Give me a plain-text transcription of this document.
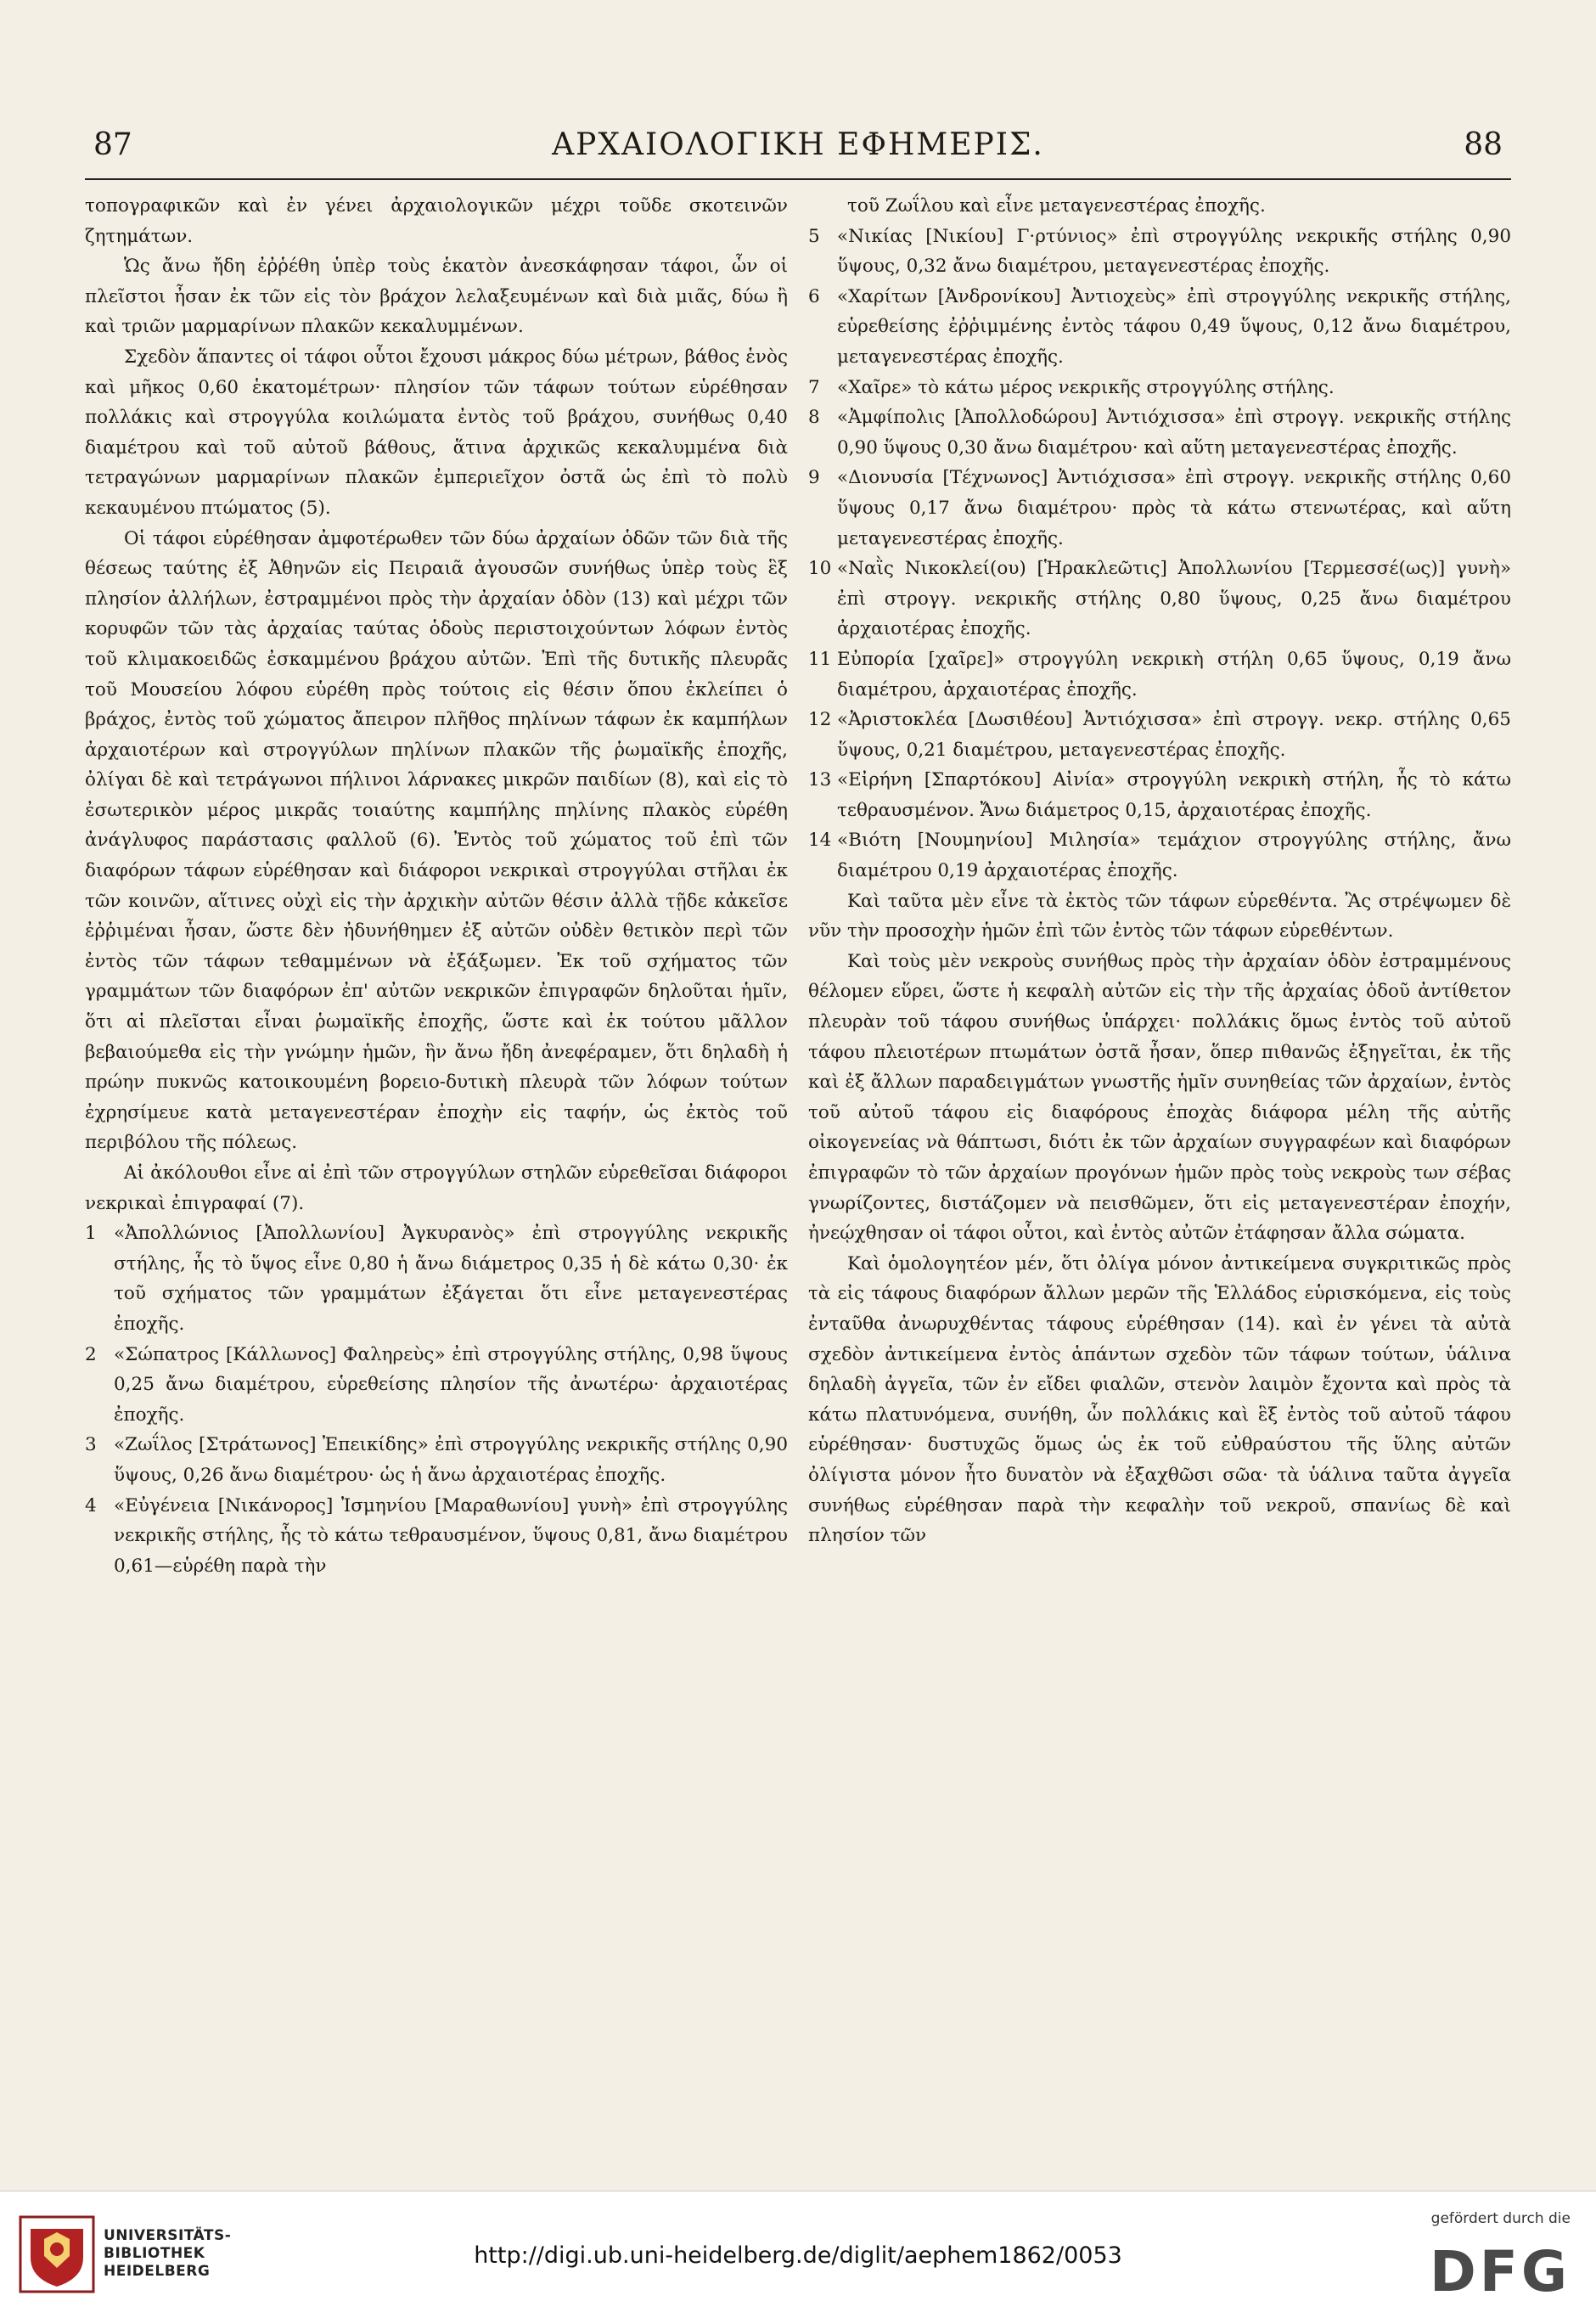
87	ΑΡΧΑΙΟΛΟΓΙΚΗ ΕΦΗΜΕΡΙΣ.	88

τοπογραφικῶν καὶ ἐν γένει ἀρχαιολογικῶν μέχρι τοῦδε σκοτεινῶν ζητημάτων.

Ὡς ἄνω ἤδη ἐῤῥέθη ὑπὲρ τοὺς ἑκατὸν ἀνεσκάφησαν τάφοι, ὧν οἱ πλεῖστοι ἦσαν ἐκ τῶν εἰς τὸν βράχον λελαξευμένων καὶ διὰ μιᾶς, δύω ἢ καὶ τριῶν μαρμαρίνων πλακῶν κεκαλυμμένων.

Σχεδὸν ἅπαντες οἱ τάφοι οὗτοι ἔχουσι μάκρος δύω μέτρων, βάθος ἑνὸς καὶ μῆκος 0,60 ἑκατομέτρων· πλησίον τῶν τάφων τούτων εὑρέθησαν πολλάκις καὶ στρογγύλα κοιλώματα ἐντὸς τοῦ βράχου, συνήθως 0,40 διαμέτρου καὶ τοῦ αὐτοῦ βάθους, ἅτινα ἀρχικῶς κεκαλυμμένα διὰ τετραγώνων μαρμαρίνων πλακῶν ἐμπεριεῖχον ὀστᾶ ὡς ἐπὶ τὸ πολὺ κεκαυμένου πτώματος (5).

Οἱ τάφοι εὑρέθησαν ἀμφοτέρωθεν τῶν δύω ἀρχαίων ὁδῶν τῶν διὰ τῆς θέσεως ταύτης ἐξ Ἀθηνῶν εἰς Πειραιᾶ ἀγουσῶν συνήθως ὑπὲρ τοὺς ἓξ πλησίον ἀλλήλων, ἐστραμμένοι πρὸς τὴν ἀρχαίαν ὁδὸν (13) καὶ μέχρι τῶν κορυφῶν τῶν τὰς ἀρχαίας ταύτας ὁδοὺς περιστοιχούντων λόφων ἐντὸς τοῦ κλιμακοειδῶς ἐσκαμμένου βράχου αὐτῶν. Ἐπὶ τῆς δυτικῆς πλευρᾶς τοῦ Μουσείου λόφου εὑρέθη πρὸς τούτοις εἰς θέσιν ὅπου ἐκλείπει ὁ βράχος, ἐντὸς τοῦ χώματος ἄπειρον πλῆθος πηλίνων τάφων ἐκ καμπήλων ἀρχαιοτέρων καὶ στρογγύλων πηλίνων πλακῶν τῆς ῥωμαϊκῆς ἐποχῆς, ὀλίγαι δὲ καὶ τετράγωνοι πήλινοι λάρνακες μικρῶν παιδίων (8), καὶ εἰς τὸ ἐσωτερικὸν μέρος μικρᾶς τοιαύτης καμπήλης πηλίνης πλακὸς εὑρέθη ἀνάγλυφος παράστασις φαλλοῦ (6). Ἐντὸς τοῦ χώματος τοῦ ἐπὶ τῶν διαφόρων τάφων εὑρέθησαν καὶ διάφοροι νεκρικαὶ στρογγύλαι στῆλαι ἐκ τῶν κοινῶν, αἵτινες οὐχὶ εἰς τὴν ἀρχικὴν αὐτῶν θέσιν ἀλλὰ τῇδε κἀκεῖσε ἐῤῥιμέναι ἦσαν, ὥστε δὲν ἠδυνήθημεν ἐξ αὐτῶν οὐδὲν θετικὸν περὶ τῶν ἐντὸς τῶν τάφων τεθαμμένων νὰ ἐξάξωμεν. Ἐκ τοῦ σχήματος τῶν γραμμάτων τῶν διαφόρων ἐπ' αὐτῶν νεκρικῶν ἐπιγραφῶν δηλοῦται ἡμῖν, ὅτι αἱ πλεῖσται εἶναι ῥωμαϊκῆς ἐποχῆς, ὥστε καὶ ἐκ τούτου μᾶλλον βεβαιούμεθα εἰς τὴν γνώμην ἡμῶν, ἣν ἄνω ἤδη ἀνεφέραμεν, ὅτι δηλαδὴ ἡ πρώην πυκνῶς κατοικουμένη βορειο-δυτικὴ πλευρὰ τῶν λόφων τούτων ἐχρησίμευε κατὰ μεταγενεστέραν ἐποχὴν εἰς ταφήν, ὡς ἐκτὸς τοῦ περιβόλου τῆς πόλεως.

Αἱ ἀκόλουθοι εἶνε αἱ ἐπὶ τῶν στρογγύλων στηλῶν εὑρεθεῖσαι διάφοροι νεκρικαὶ ἐπιγραφαί (7).

1 «Ἀπολλώνιος [Ἀπολλωνίου] Ἀγκυρανὸς» ἐπὶ στρογγύλης νεκρικῆς στήλης, ἧς τὸ ὕψος εἶνε 0,80 ἡ ἄνω διάμετρος 0,35 ἡ δὲ κάτω 0,30· ἐκ τοῦ σχήματος τῶν γραμμάτων ἐξάγεται ὅτι εἶνε μεταγενεστέρας ἐποχῆς.
2 «Σώπατρος [Κάλλωνος] Φαληρεὺς» ἐπὶ στρογγύλης στήλης, 0,98 ὕψους 0,25 ἄνω διαμέτρου, εὑρεθείσης πλησίον τῆς ἀνωτέρω· ἀρχαιοτέρας ἐποχῆς.
3 «Ζωΐλος [Στράτωνος] Ἐπεικίδης» ἐπὶ στρογγύλης νεκρικῆς στήλης 0,90 ὕψους, 0,26 ἄνω διαμέτρου· ὡς ἡ ἄνω ἀρχαιοτέρας ἐποχῆς.
4 «Εὐγένεια [Νικάνορος] Ἰσμηνίου [Μαραθωνίου] γυνὴ» ἐπὶ στρογγύλης νεκρικῆς στήλης, ἧς τὸ κάτω τεθραυσμένον, ὕψους 0,81, ἄνω διαμέτρου 0,61—εὑρέθη παρὰ τὴν

τοῦ Ζωΐλου καὶ εἶνε μεταγενεστέρας ἐποχῆς.

5 «Νικίας [Νικίου] Γ·ρτύνιος» ἐπὶ στρογγύλης νεκρικῆς στήλης 0,90 ὕψους, 0,32 ἄνω διαμέτρου, μεταγενεστέρας ἐποχῆς.
6 «Χαρίτων [Ἀνδρονίκου] Ἀντιοχεὺς» ἐπὶ στρογγύλης νεκρικῆς στήλης, εὑρεθείσης ἐῤῥιμμένης ἐντὸς τάφου 0,49 ὕψους, 0,12 ἄνω διαμέτρου, μεταγενεστέρας ἐποχῆς.
7 «Χαῖρε» τὸ κάτω μέρος νεκρικῆς στρογγύλης στήλης.
8 «Ἀμφίπολις [Ἀπολλοδώρου] Ἀντιόχισσα» ἐπὶ στρογγ. νεκρικῆς στήλης 0,90 ὕψους 0,30 ἄνω διαμέτρου· καὶ αὕτη μεταγενεστέρας ἐποχῆς.
9 «Διονυσία [Τέχνωνος] Ἀντιόχισσα» ἐπὶ στρογγ. νεκρικῆς στήλης 0,60 ὕψους 0,17 ἄνω διαμέτρου· πρὸς τὰ κάτω στενωτέρας, καὶ αὕτη μεταγενεστέρας ἐποχῆς.
10 «Ναῒς Νικοκλεί(ου) [Ἡρακλεῶτις] Ἀπολλωνίου [Τερμεσσέ(ως)] γυνὴ» ἐπὶ στρογγ. νεκρικῆς στήλης 0,80 ὕψους, 0,25 ἄνω διαμέτρου ἀρχαιοτέρας ἐποχῆς.
11 Εὐπορία [χαῖρε]» στρογγύλη νεκρικὴ στήλη 0,65 ὕψους, 0,19 ἄνω διαμέτρου, ἀρχαιοτέρας ἐποχῆς.
12 «Ἀριστοκλέα [Δωσιθέου] Ἀντιόχισσα» ἐπὶ στρογγ. νεκρ. στήλης 0,65 ὕψους, 0,21 διαμέτρου, μεταγενεστέρας ἐποχῆς.
13 «Εἰρήνη [Σπαρτόκου] Αἰνία» στρογγύλη νεκρικὴ στήλη, ἧς τὸ κάτω τεθραυσμένον. Ἄνω διάμετρος 0,15, ἀρχαιοτέρας ἐποχῆς.
14 «Βιότη [Νουμηνίου] Μιλησία» τεμάχιον στρογγύλης στήλης, ἄνω διαμέτρου 0,19 ἀρχαιοτέρας ἐποχῆς.

Καὶ ταῦτα μὲν εἶνε τὰ ἐκτὸς τῶν τάφων εὑρεθέντα. Ἂς στρέψωμεν δὲ νῦν τὴν προσοχὴν ἡμῶν ἐπὶ τῶν ἐντὸς τῶν τάφων εὑρεθέντων.

Καὶ τοὺς μὲν νεκροὺς συνήθως πρὸς τὴν ἀρχαίαν ὁδὸν ἐστραμμένους θέλομεν εὕρει, ὥστε ἡ κεφαλὴ αὐτῶν εἰς τὴν τῆς ἀρχαίας ὁδοῦ ἀντίθετον πλευρὰν τοῦ τάφου συνήθως ὑπάρχει· πολλάκις ὅμως ἐντὸς τοῦ αὐτοῦ τάφου πλειοτέρων πτωμάτων ὀστᾶ ἦσαν, ὅπερ πιθανῶς ἐξηγεῖται, ἐκ τῆς καὶ ἐξ ἄλλων παραδειγμάτων γνωστῆς ἡμῖν συνηθείας τῶν ἀρχαίων, ἐντὸς τοῦ αὐτοῦ τάφου εἰς διαφόρους ἐποχὰς διάφορα μέλη τῆς αὐτῆς οἰκογενείας νὰ θάπτωσι, διότι ἐκ τῶν ἀρχαίων συγγραφέων καὶ διαφόρων ἐπιγραφῶν τὸ τῶν ἀρχαίων προγόνων ἡμῶν πρὸς τοὺς νεκροὺς των σέβας γνωρίζοντες, διστάζομεν νὰ πεισθῶμεν, ὅτι εἰς μεταγενεστέραν ἐποχήν, ἠνεῴχθησαν οἱ τάφοι οὗτοι, καὶ ἐντὸς αὐτῶν ἐτάφησαν ἄλλα σώματα.

Καὶ ὁμολογητέον μέν, ὅτι ὀλίγα μόνον ἀντικείμενα συγκριτικῶς πρὸς τὰ εἰς τάφους διαφόρων ἄλλων μερῶν τῆς Ἑλλάδος εὑρισκόμενα, εἰς τοὺς ἐνταῦθα ἀνωρυχθέντας τάφους εὑρέθησαν (14). καὶ ἐν γένει τὰ αὐτὰ σχεδὸν ἀντικείμενα ἐντὸς ἁπάντων σχεδὸν τῶν τάφων τούτων, ὑάλινα δηλαδὴ ἀγγεῖα, τῶν ἐν εἴδει φιαλῶν, στενὸν λαιμὸν ἔχοντα καὶ πρὸς τὰ κάτω πλατυνόμενα, συνήθη, ὧν πολλάκις καὶ ἓξ ἐντὸς τοῦ αὐτοῦ τάφου εὑρέθησαν· δυστυχῶς ὅμως ὡς ἐκ τοῦ εὐθραύστου τῆς ὕλης αὐτῶν ὀλίγιστα μόνον ἦτο δυνατὸν νὰ ἐξαχθῶσι σῶα· τὰ ὑάλινα ταῦτα ἀγγεῖα συνήθως εὑρέθησαν παρὰ τὴν κεφαλὴν τοῦ νεκροῦ, σπανίως δὲ καὶ πλησίον τῶν

UNIVERSITÄTS-
BIBLIOTHEK
HEIDELBERG
http://digi.ub.uni-heidelberg.de/diglit/aephem1862/0053
gefördert durch die
DFG
